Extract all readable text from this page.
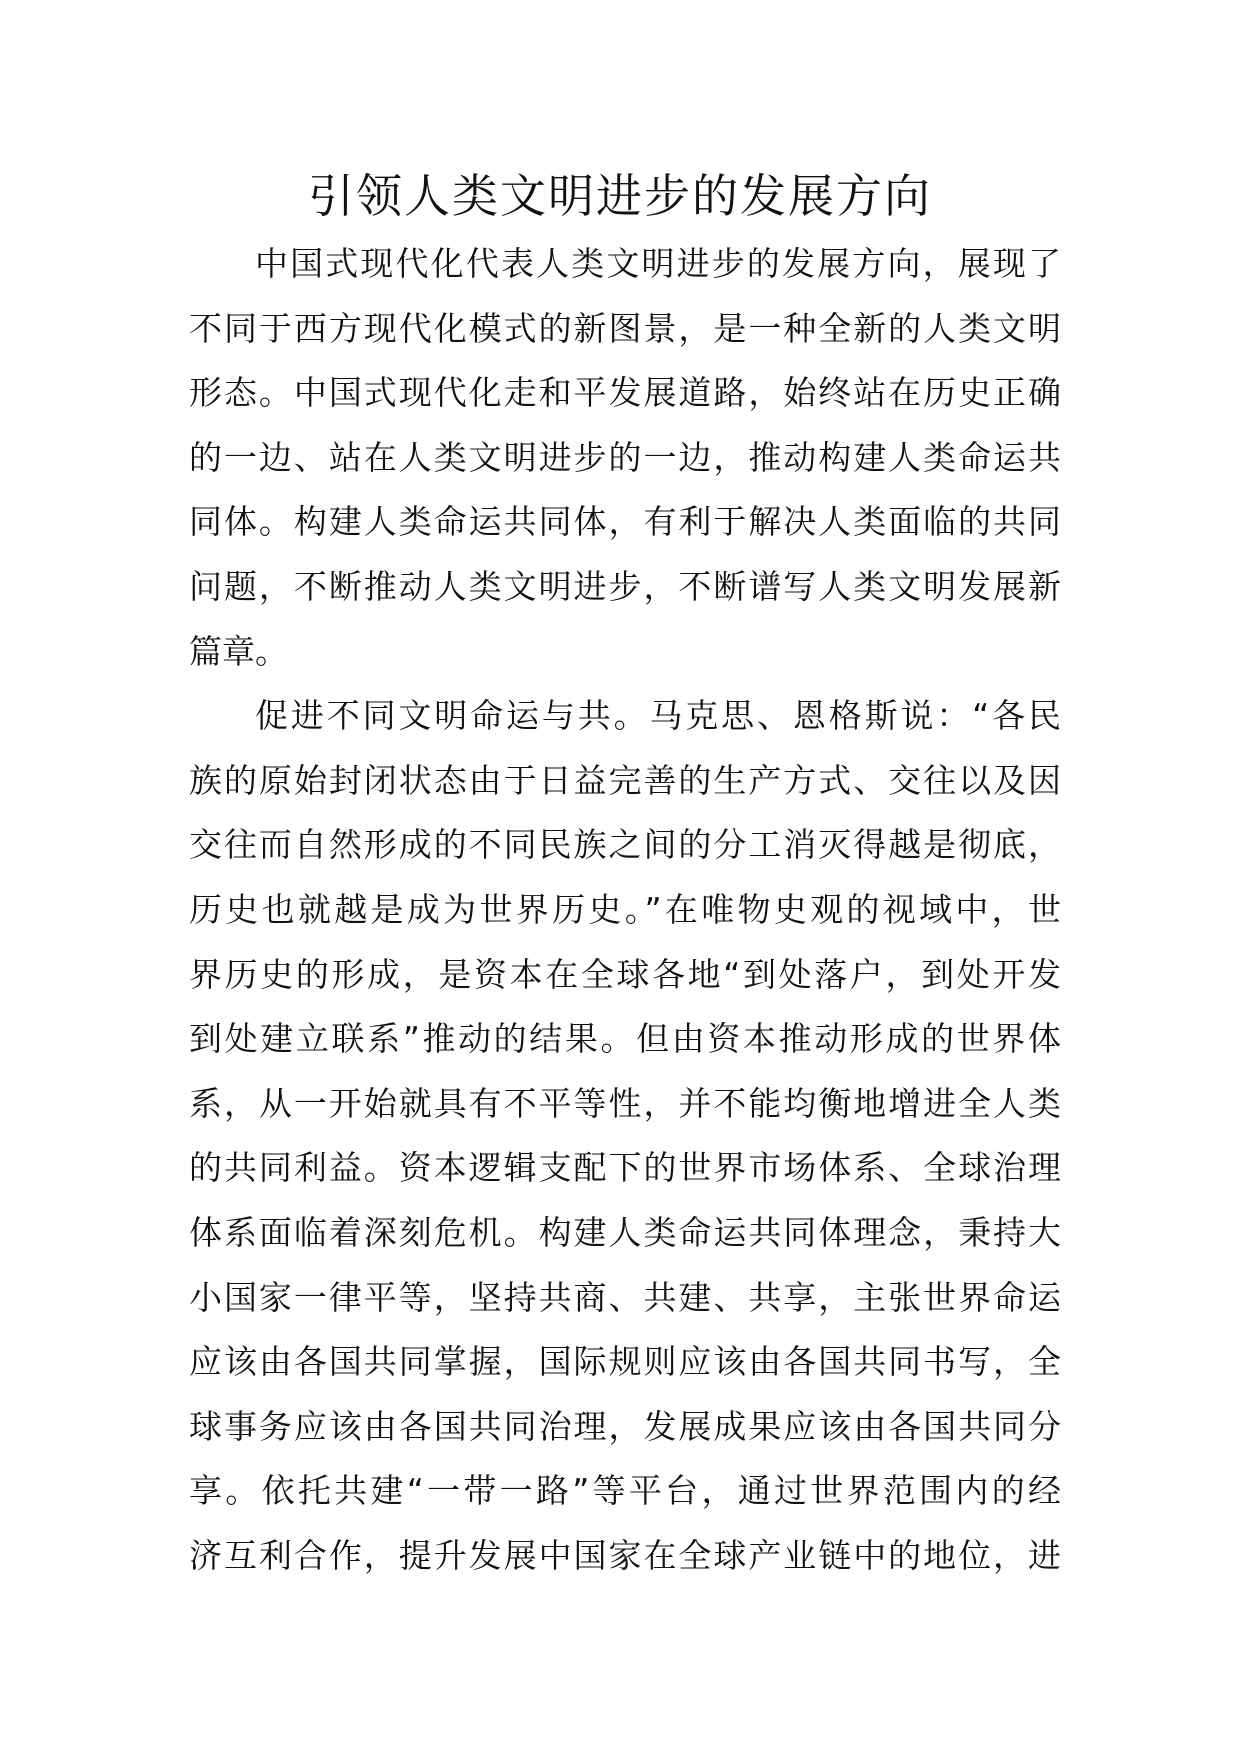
引领人类文明进步的发展方向
中国式现代化代表人类文明进步的发展方向，展现了
不同于西方现代化模式的新图景，是一种全新的人类文明
形态。中国式现代化走和平发展道路，始终站在历史正确
的一边、站在人类文明进步的一边，推动构建人类命运共
同体。构建人类命运共同体，有利于解决人类面临的共同
问题，不断推动人类文明进步，不断谱写人类文明发展新
篇章。
促进不同文明命运与共。马克思、恩格斯说：“各民
族的原始封闭状态由于日益完善的生产方式、交往以及因
交往而自然形成的不同民族之间的分工消灭得越是彻底，
历史也就越是成为世界历史。”在唯物史观的视域中，世
界历史的形成，是资本在全球各地“到处落户，到处开发
到处建立联系”推动的结果。但由资本推动形成的世界体
系，从一开始就具有不平等性，并不能均衡地增进全人类
的共同利益。资本逻辑支配下的世界市场体系、全球治理
体系面临着深刻危机。构建人类命运共同体理念，秉持大
小国家一律平等，坚持共商、共建、共享，主张世界命运
应该由各国共同掌握，国际规则应该由各国共同书写，全
球事务应该由各国共同治理，发展成果应该由各国共同分
享。依托共建“一带一路”等平台，通过世界范围内的经
济互利合作，提升发展中国家在全球产业链中的地位，进
